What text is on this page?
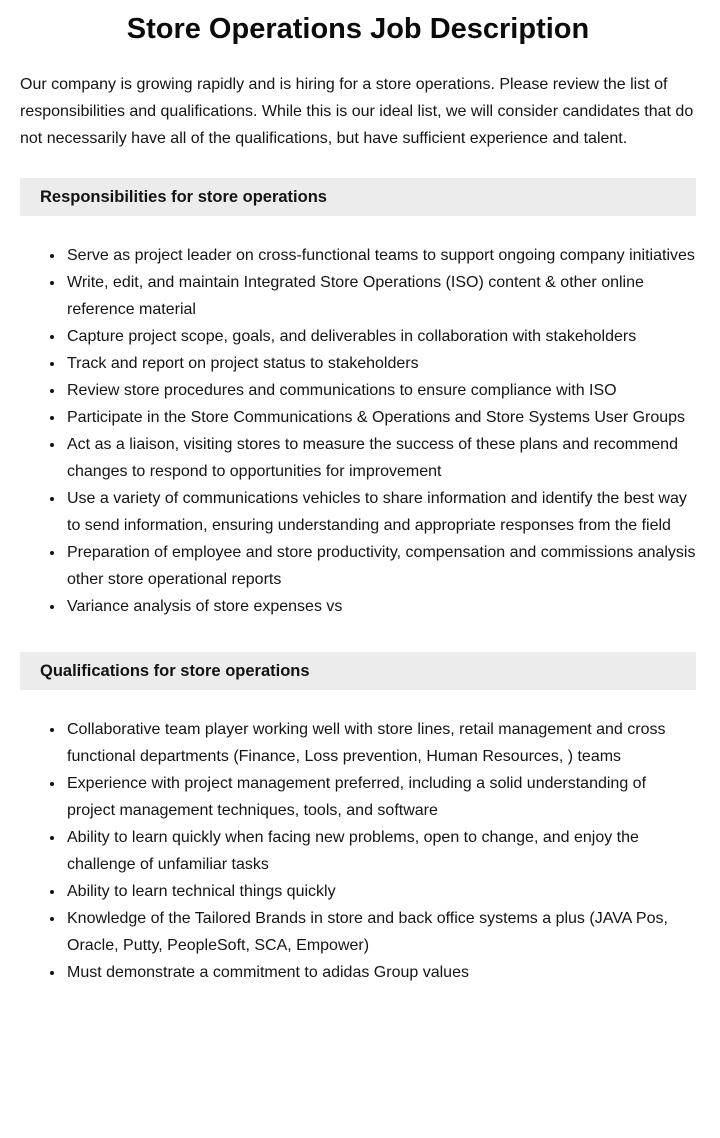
Store Operations Job Description

Our company is growing rapidly and is hiring for a store operations. Please review the list of responsibilities and qualifications. While this is our ideal list, we will consider candidates that do not necessarily have all of the qualifications, but have sufficient experience and talent.

Responsibilities for store operations
• Serve as project leader on cross-functional teams to support ongoing company initiatives
• Write, edit, and maintain Integrated Store Operations (ISO) content & other online reference material
• Capture project scope, goals, and deliverables in collaboration with stakeholders
• Track and report on project status to stakeholders
• Review store procedures and communications to ensure compliance with ISO
• Participate in the Store Communications & Operations and Store Systems User Groups
• Act as a liaison, visiting stores to measure the success of these plans and recommend changes to respond to opportunities for improvement
• Use a variety of communications vehicles to share information and identify the best way to send information, ensuring understanding and appropriate responses from the field
• Preparation of employee and store productivity, compensation and commissions analysis other store operational reports
• Variance analysis of store expenses vs
Qualifications for store operations
• Collaborative team player working well with store lines, retail management and cross functional departments (Finance, Loss prevention, Human Resources, ) teams
• Experience with project management preferred, including a solid understanding of project management techniques, tools, and software
• Ability to learn quickly when facing new problems, open to change, and enjoy the challenge of unfamiliar tasks
• Ability to learn technical things quickly
• Knowledge of the Tailored Brands in store and back office systems a plus (JAVA Pos, Oracle, Putty, PeopleSoft, SCA, Empower)
• Must demonstrate a commitment to adidas Group values
